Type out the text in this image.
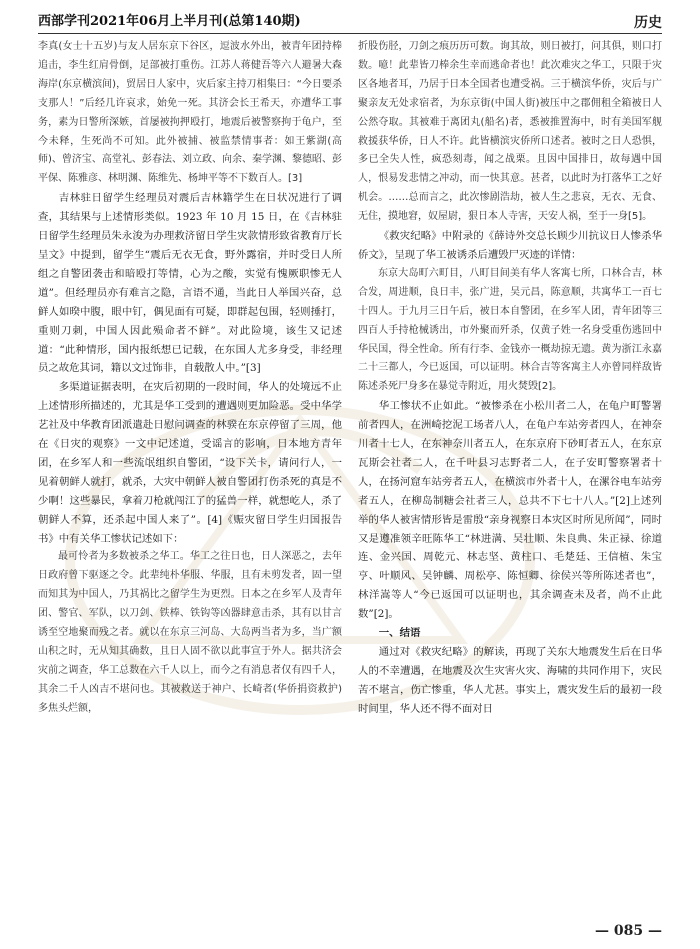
西部学刊2021年06月上半月刊(总第140期)	历史

李真(女士十五岁)与友人居东京下谷区，逗波水外出，被青年团持棒追击，李生红肩骨倒，足部被打重伤。江苏人蒋健吾等六人避暑大森海岸(东京横滨间)，贸居日人家中，灾后家主持刀相集曰：“今日要杀支那人！”后经几许哀求，始免一死。其济会长王希天，亦遭华工事务，素为日警所深嫉，首屡被拘押殴打，地震后被警察拘于龟户，至今未释，生死尚不可知。此外被捕、被监禁情事者：如王紫湖(高师)、曾济宝、高堂礼、彭春法、刘立政、向余、秦学渊、黎德昭、彭平保、陈雅彦、林明渊、陈维先、杨坤平等不下数百人。[3]

吉林驻日留学生经理员对震后吉林籍学生在日状况进行了调查，其结果与上述情形类似。1923 年 10 月 15 日，在《吉林驻日留学生经理员朱永浚为办理救济留日学生灾款情形致省教育厅长呈文》中提到，留学生“震后无衣无食，野外露宿，并时受日人所组之自警团袭击和暗殴打等情，心为之酸，实觉有愧厥职惨无人道”。但经理员亦有难言之隐，言语不通，当此日人举国兴奋，总鲜人如暌中腹，眼中钉，偶见面有可疑，即群起包围，轻则捶打，重则刀刺，中国人因此殒命者不鲜”。对此险境，该生又记述道：“此种情形，国内报纸想已记载，在东国人尤多身受，非经理员之故危其词，籍以文过饰非，自载散人中。”[3]

多渠道证据表明，在灾后初期的一段时间，华人的处境远不止上述情形所描述的，尤其是华工受到的遭遇则更加险恶。受中华学艺社及中华教育团派遣赴日慰问调查的林骙在东京停留了三周，他在《日灾的观察》一文中记述道，受谣言的影响，日本地方青年团，在乡军人和一些流氓组织自警团，“设下关卡，请问行人，一见着朝鲜人就打，就杀，大灾中朝鲜人被自警团打伤杀死的真是不少啊！这些暴民，拿着刀枪就闯江了的猛兽一样，就想屹人，杀了朝鲜人不算，还杀起中国人来了”。[4]《赈灾留日学生归国报告书》中有关华工惨状记述如下：

最可怜者为多数被杀之华工。华工之往日也，日人深恶之，去年日政府曾下驱逐之令。此辈纯朴华服、华服，且有未剪发者，固一望而知其为中国人，乃其祸比之留学生为更烈。日本之在乡军人及青年团、警官、军队，以刀剑、铁棒、铁钩等凶器肆意击杀，其有以甘言诱至空地聚而残之者。就以在东京三河岛、大岛两当者为多，当广额山积之时，无从知其确数，且日人固不欲以此事宣于外人。据共济会灾前之调查，华工总数在六千人以上，而今之有消息者仅有四千人，其余二千人凶吉不堪问也。其被救送于神户、长崎者(华侨捐资救护)多焦头烂额，

折股伤胫，刀剑之痕历历可数。询其故，则日被打，问其俱，则口打数。噫！此辈皆刀棒余生幸而逃命者也！此次难灾之华工，只限于灾区各地者耳，乃居于日本全国者也遭受祸。三于横滨华侨，灾后与广聚亲友无处求宿者，为东京街(中国人街)被压中之郡佣租全箱被日人公然夺取。其被难于离团丸(船名)者，悉被推置海中，时有美国军舰救援获华侨，日人不许。此皆横滨灾侨所口述者。被时之日人恐惧，多已全失人性，疯恐刻毒，闻之战栗。且因中国排日，故每遇中国人，恨易发悲情之冲动，而一快其意。甚者，以此时为打落华工之好机会。……总而言之，此次惨剧浩劫，被人生之悲哀，无衣、无食、无住，摸地窘，奴屋尉，狠日本人寺害，天安人祸，至于一身[5]。

《救灾纪略》中附录的《薛诗外交总长顾少川抗议日人惨杀华侨文》，呈现了华工被诱杀后遭毁尸灭迹的详情：

东京大岛町六町目，八町目间美有华人客寓七所，口林合吉，林合发，周进顺，良日丰，张广进，吴元昌，陈意顺，共寓华工一百七十四人。于九月三日午后，被日本自警团，在乡军人团，青年团等三四百人手持枪械诱出，市外聚而歼杀，仅黄子姓一名身受重伤逃回中华民国，得全性命。所有行李、金钱亦一概劫掠无遗。黄为浙江永嘉二十三都人，今已返国，可以证明。林合吉等客寓主人亦曾同样敌皆陈述杀死尸身多在暴觉寺附近，用火焚毁[2]。

华工惨状不止如此。“被惨杀在小松川者二人，在龟户町警署前者四人，在洲崎挖泥工场者八人，在龟户车站旁者四人，在神奈川者十七人，在东神奈川者五人，在东京府下砂町者五人，在东京瓦斯会社者二人，在千叶县习志野者二人，在子安町警察署者十人，在扬河窟车站旁者五人，在横滨市外者十人，在漯谷电车站旁者五人，在柳岛制糖会社者三人，总共不下七十八人。”[2]上述列举的华人被害情形皆是雷殷“亲身视察日本灾区时所见所闻”，同时又是遵准领辛旺陈华工“林进满、吴壮顺、朱良典、朱正禄、徐道连、金兴国、周乾元、林志坚、黄柱口、毛楚廷、王信植、朱宝亨、叶顺风、吴钟麟、周松亭、陈恒卿、徐侯兴等所陈述者也”，林洋嵩等人“今已返国可以证明也，其余调查未及者，尚不止此数”[2]。

一、结语

通过对《救灾纪略》的解读，再现了关东大地震发生后在日华人的不幸遭遇，在地震及次生灾害火灾、海啸的共同作用下，灾民苦不堪言，伤亡惨重，华人尤甚。事实上，震灾发生后的最初一段时间里，华人还不得不面对日

— 085 —
